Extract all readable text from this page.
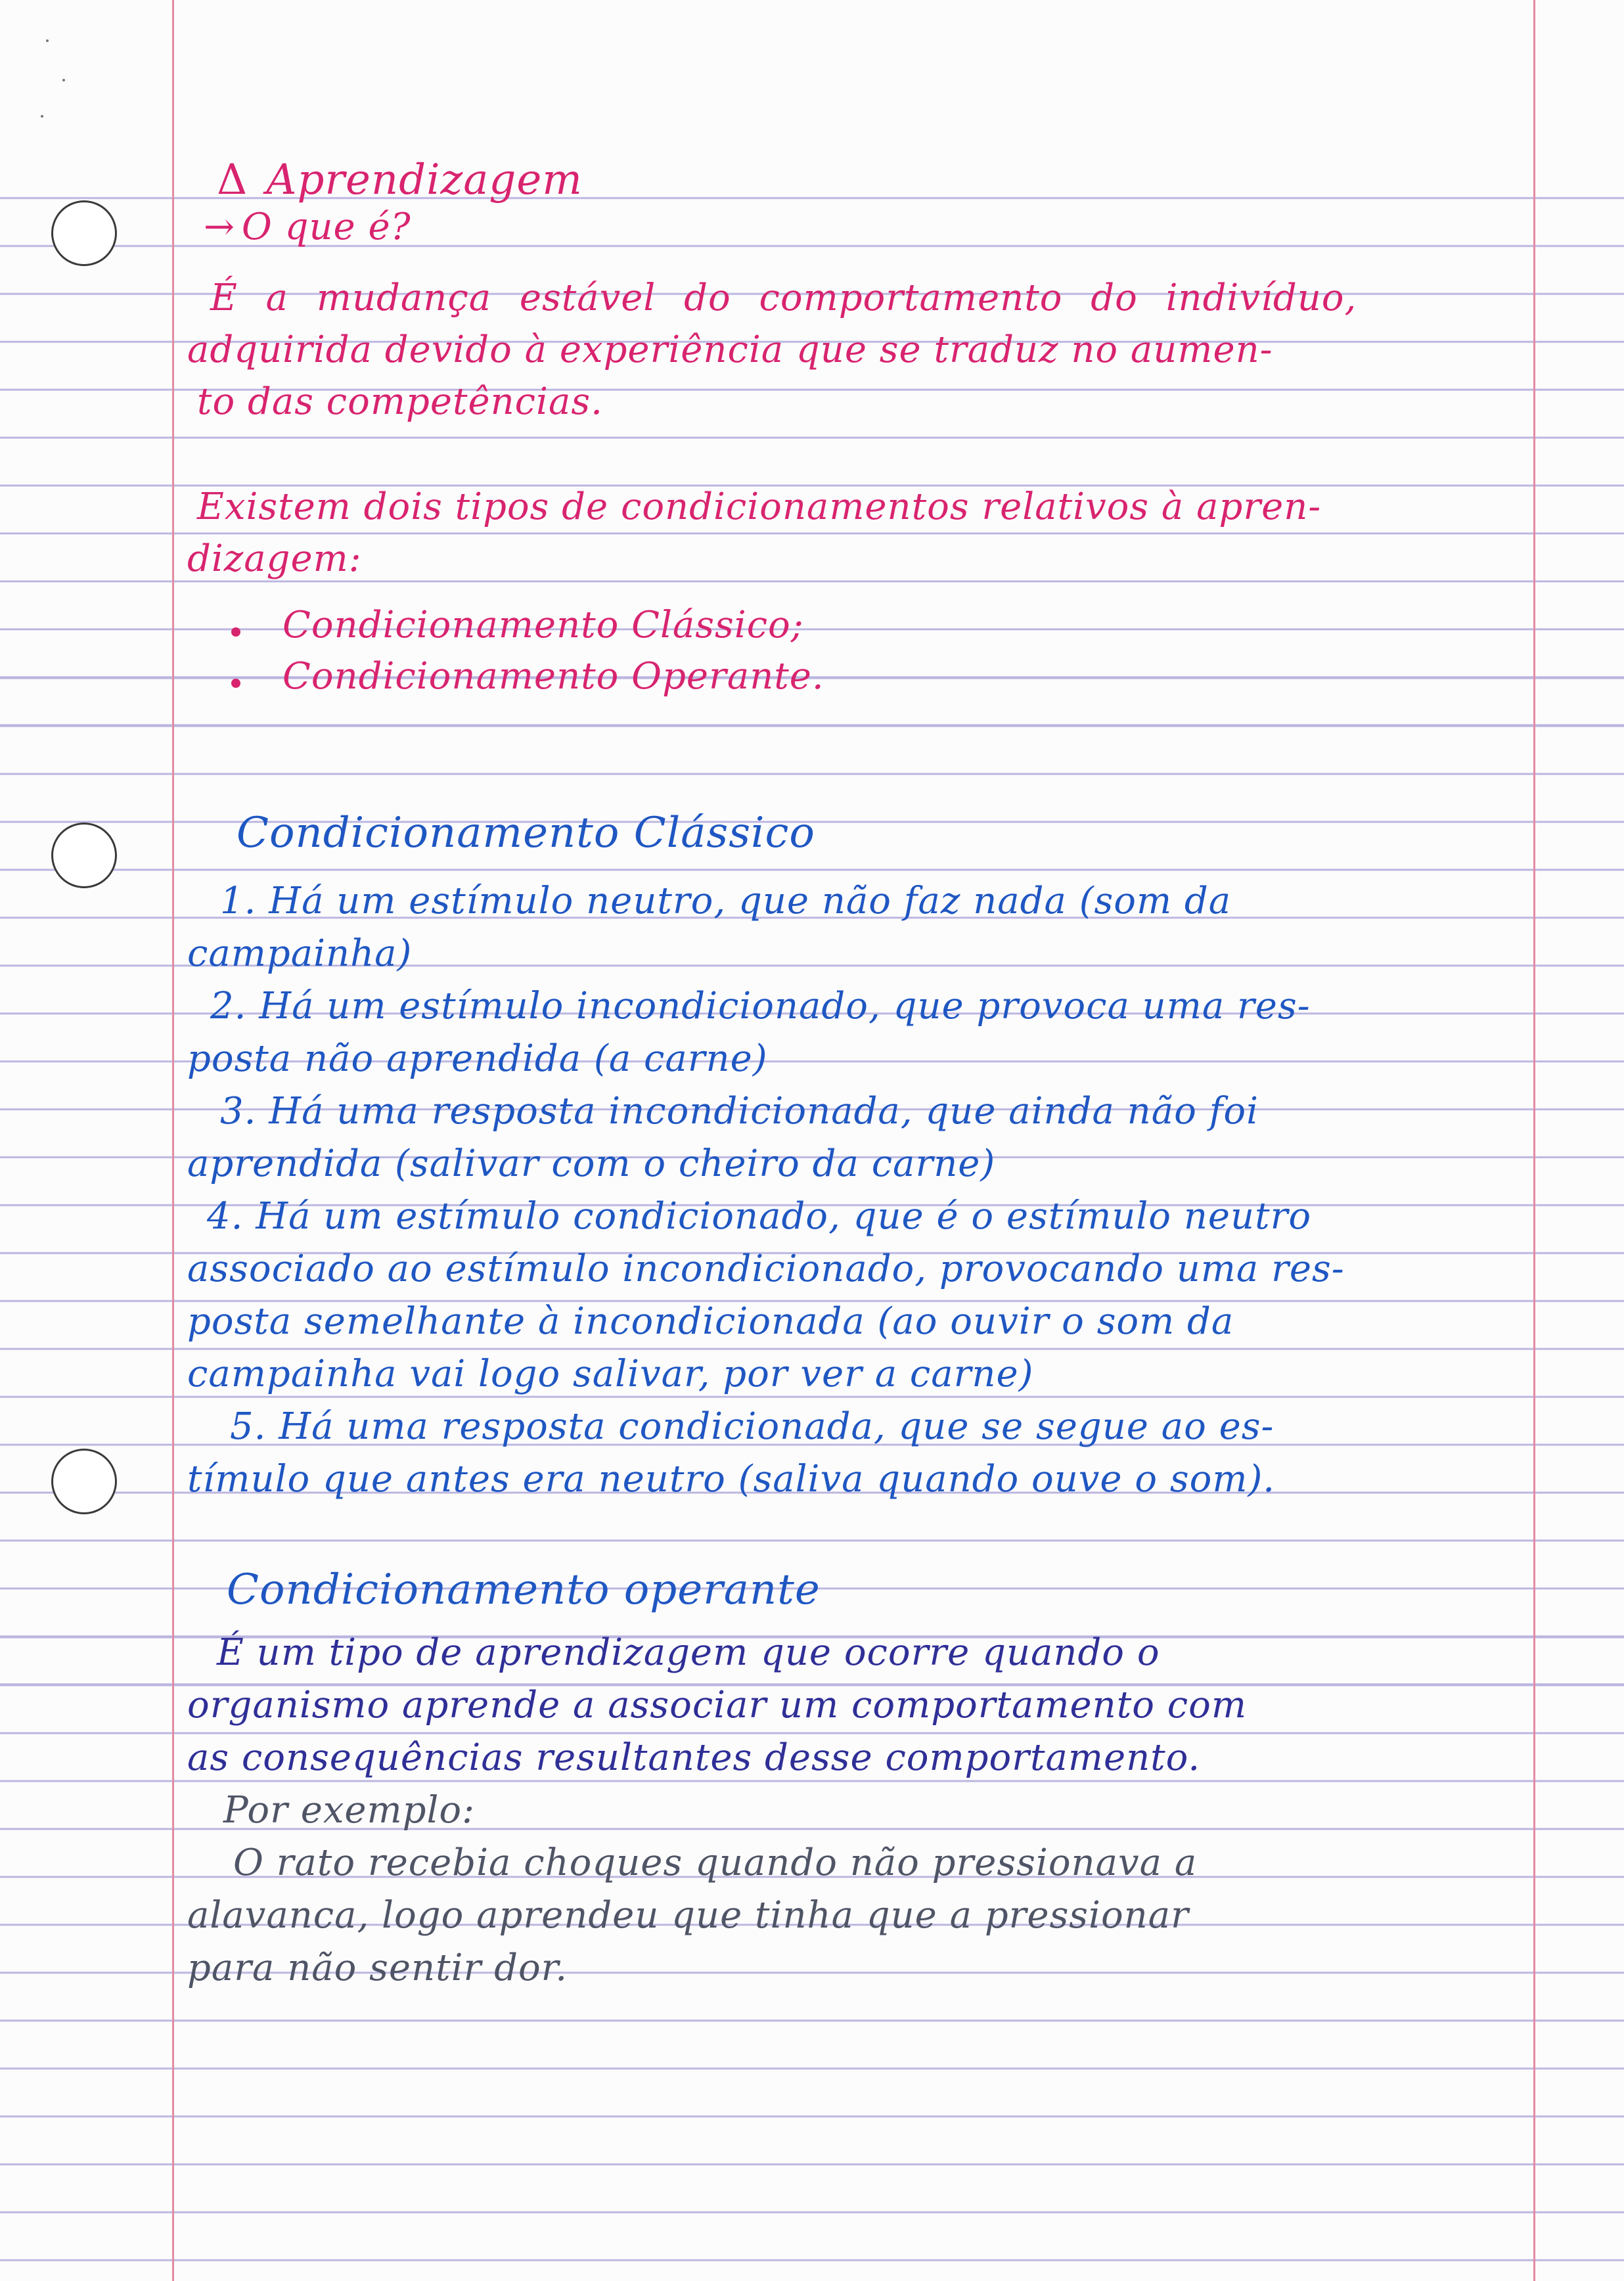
Δ Aprendizagem
→ O que é?
É a mudança estável do comportamento do indivíduo,
adquirida devido à experiência que se traduz no aumen-
to das competências.
Existem dois tipos de condicionamentos relativos à apren-
dizagem:
Condicionamento Clássico;
Condicionamento Operante.
Condicionamento Clássico
1. Há um estímulo neutro, que não faz nada (som da
campainha)
2. Há um estímulo incondicionado, que provoca uma res-
posta não aprendida (a carne)
3. Há uma resposta incondicionada, que ainda não foi
aprendida (salivar com o cheiro da carne)
4. Há um estímulo condicionado, que é o estímulo neutro
associado ao estímulo incondicionado, provocando uma res-
posta semelhante à incondicionada (ao ouvir o som da
campainha vai logo salivar, por ver a carne)
5. Há uma resposta condicionada, que se segue ao es-
tímulo que antes era neutro (saliva quando ouve o som).
Condicionamento operante
É um tipo de aprendizagem que ocorre quando o
organismo aprende a associar um comportamento com
as consequências resultantes desse comportamento.
Por exemplo:
O rato recebia choques quando não pressionava a
alavanca, logo aprendeu que tinha que a pressionar
para não sentir dor.
